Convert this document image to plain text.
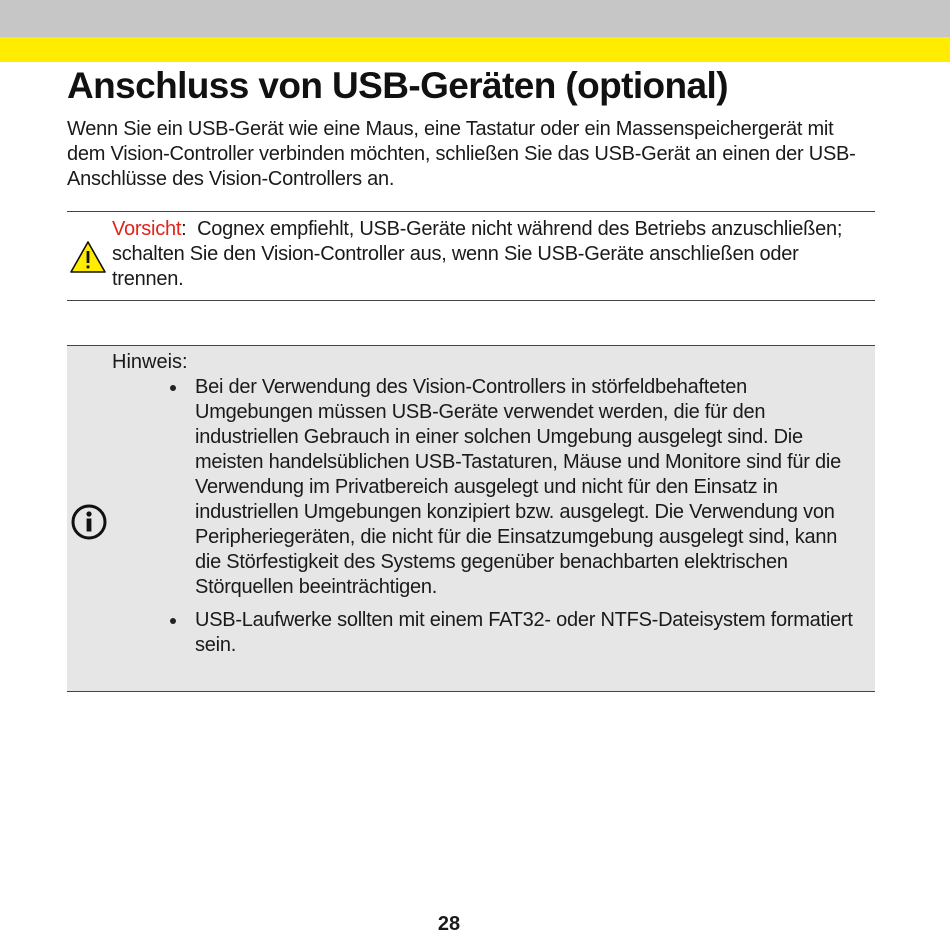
Anschluss von USB-Geräten (optional)

Wenn Sie ein USB-Gerät wie eine Maus, eine Tastatur oder ein Massenspeichergerät mit dem Vision-Controller verbinden möchten, schließen Sie das USB-Gerät an einen der USB-Anschlüsse des Vision-Controllers an.

Vorsicht:  Cognex empfiehlt, USB-Geräte nicht während des Betriebs anzuschließen; schalten Sie den Vision-Controller aus, wenn Sie USB-Geräte anschließen oder trennen.
Hinweis:
Bei der Verwendung des Vision-Controllers in störfeldbehafteten Umgebungen müssen USB-Geräte verwendet werden, die für den industriellen Gebrauch in einer solchen Umgebung ausgelegt sind. Die meisten handelsüblichen USB-Tastaturen, Mäuse und Monitore sind für die Verwendung im Privatbereich ausgelegt und nicht für den Einsatz in industriellen Umgebungen konzipiert bzw. ausgelegt. Die Verwendung von Peripheriegeräten, die nicht für die Einsatzumgebung ausgelegt sind, kann die Störfestigkeit des Systems gegenüber benachbarten elektrischen Störquellen beeinträchtigen.
USB-Laufwerke sollten mit einem FAT32- oder NTFS-Dateisystem formatiert sein.
28
